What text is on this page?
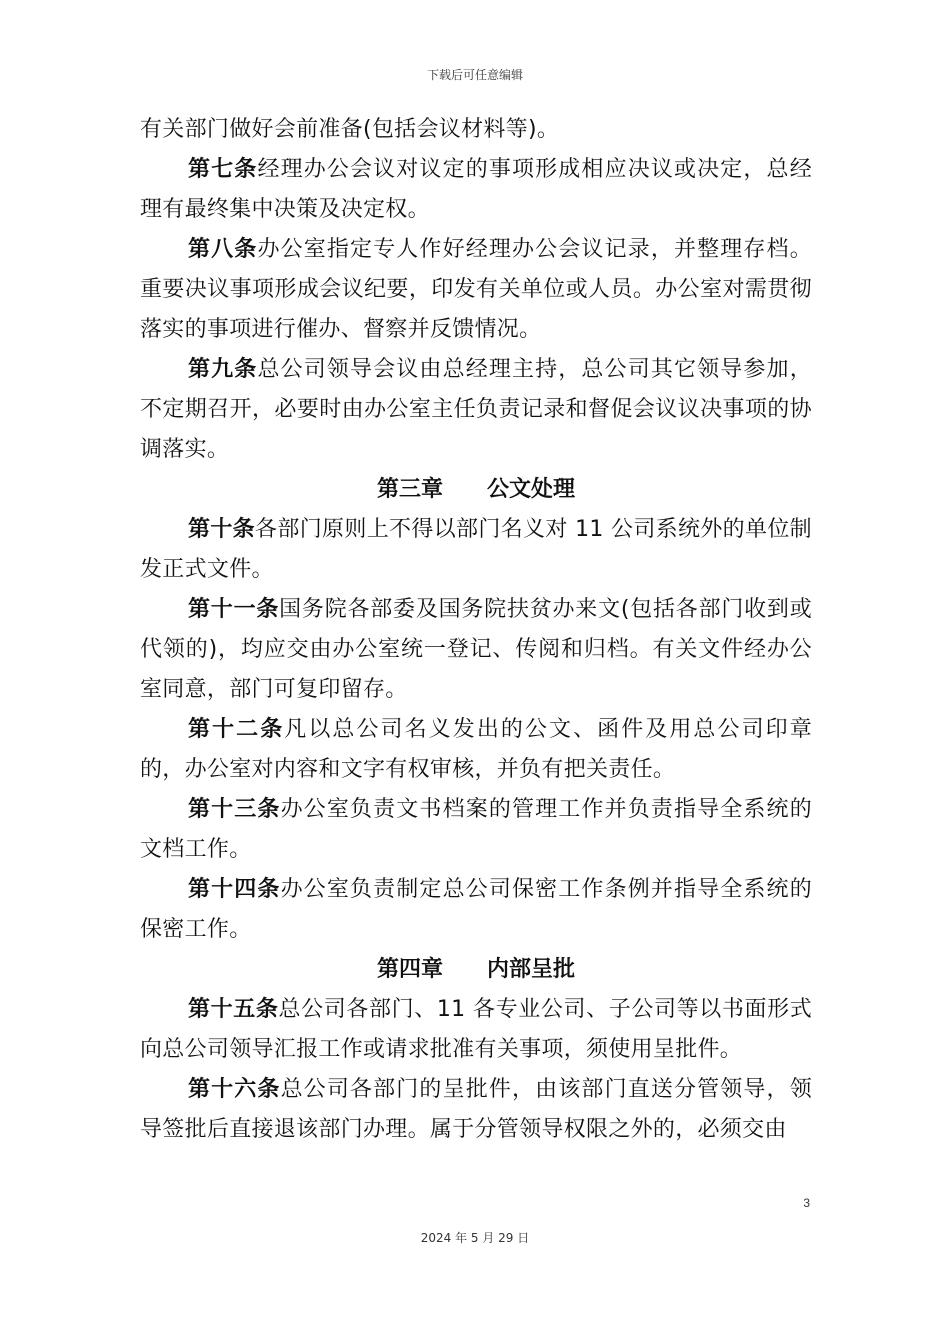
下载后可任意编辑

有关部门做好会前准备(包括会议材料等)。

第七条经理办公会议对议定的事项形成相应决议或决定，总经理有最终集中决策及决定权。

第八条办公室指定专人作好经理办公会议记录，并整理存档。重要决议事项形成会议纪要，印发有关单位或人员。办公室对需贯彻落实的事项进行催办、督察并反馈情况。

第九条总公司领导会议由总经理主持，总公司其它领导参加，不定期召开，必要时由办公室主任负责记录和督促会议议决事项的协调落实。

第三章 公文处理

第十条各部门原则上不得以部门名义对 11 公司系统外的单位制发正式文件。

第十一条国务院各部委及国务院扶贫办来文(包括各部门收到或代领的)，均应交由办公室统一登记、传阅和归档。有关文件经办公室同意，部门可复印留存。

第十二条凡以总公司名义发出的公文、函件及用总公司印章的，办公室对内容和文字有权审核，并负有把关责任。

第十三条办公室负责文书档案的管理工作并负责指导全系统的文档工作。

第十四条办公室负责制定总公司保密工作条例并指导全系统的保密工作。

第四章 内部呈批

第十五条总公司各部门、11 各专业公司、子公司等以书面形式向总公司领导汇报工作或请求批准有关事项，须使用呈批件。

第十六条总公司各部门的呈批件，由该部门直送分管领导，领导签批后直接退该部门办理。属于分管领导权限之外的，必须交由

3
2024 年 5 月 29 日
